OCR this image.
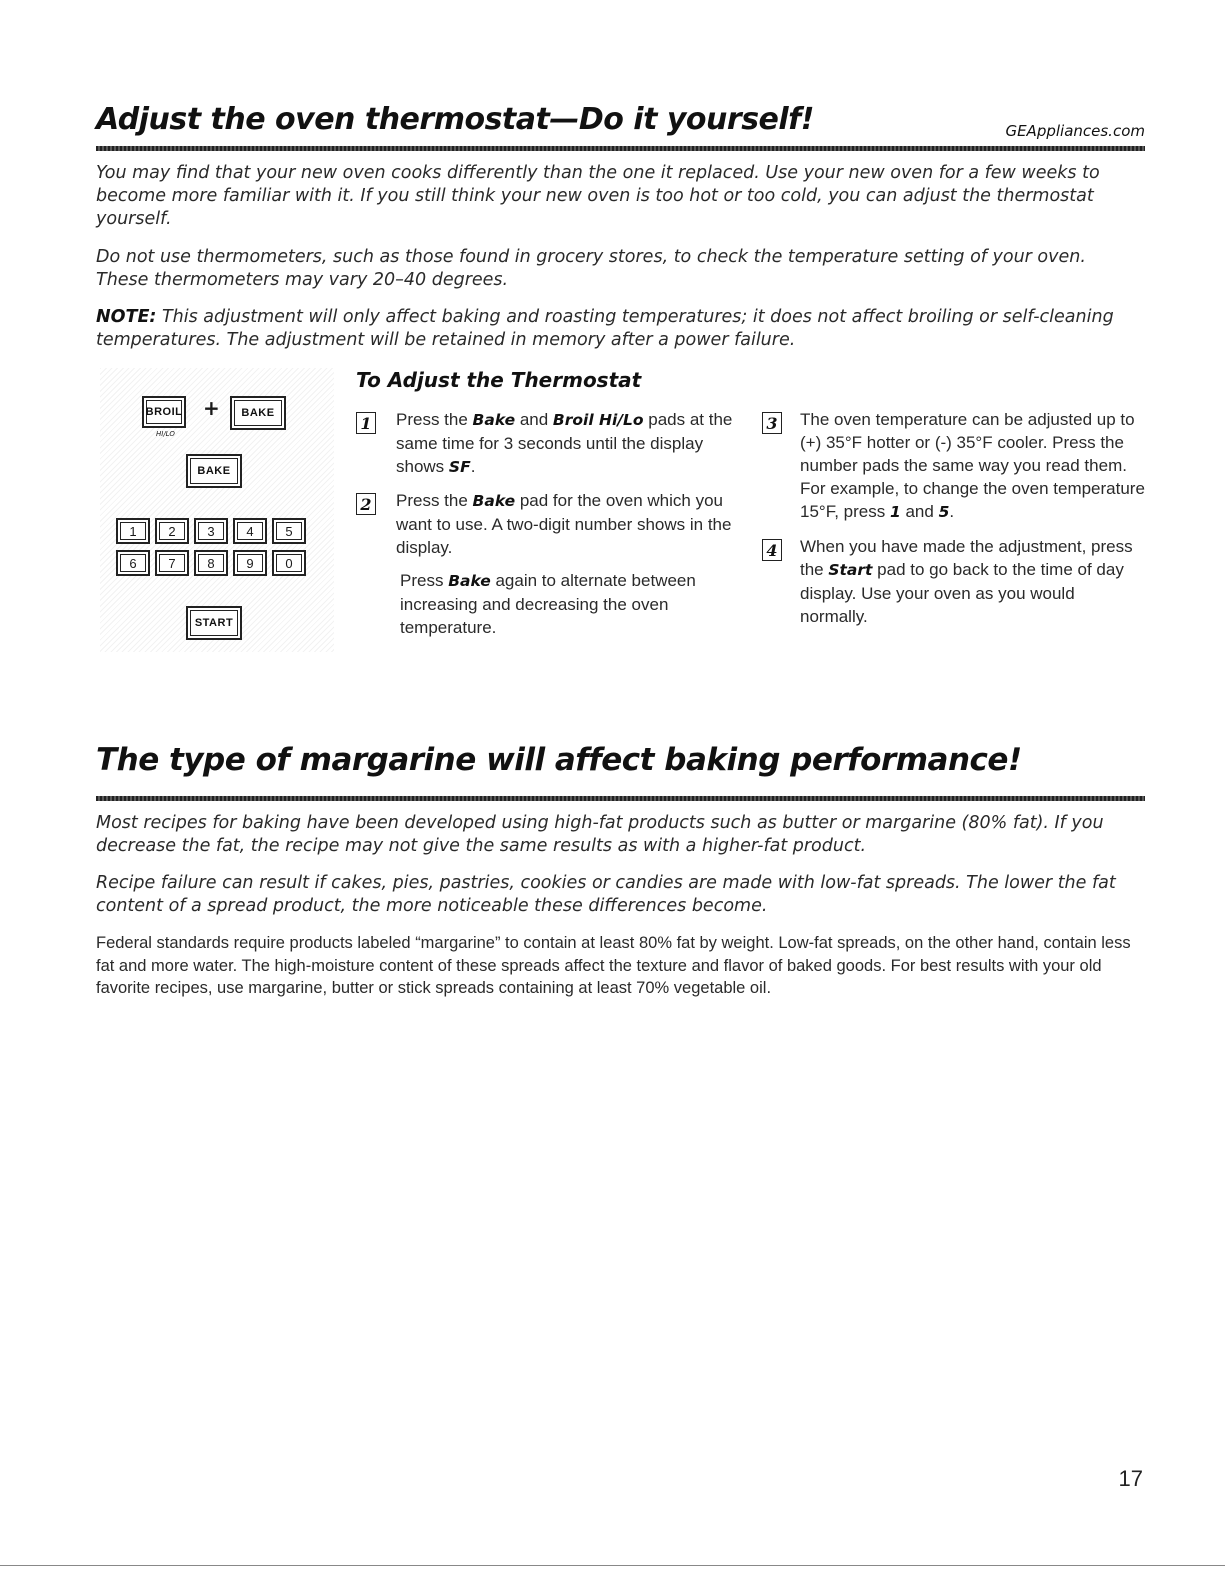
Adjust the oven thermostat—Do it yourself!	GEAppliances.com

You may find that your new oven cooks differently than the one it replaced. Use your new oven for a few weeks to become more familiar with it. If you still think your new oven is too hot or too cold, you can adjust the thermostat yourself.

Do not use thermometers, such as those found in grocery stores, to check the temperature setting of your oven. These thermometers may vary 20–40 degrees.

NOTE: This adjustment will only affect baking and roasting temperatures; it does not affect broiling or self-cleaning temperatures. The adjustment will be retained in memory after a power failure.

BROIL
HI/LO
+	BAKE
BAKE
1	2	3	4	5
6	7	8	9	0
START
To Adjust the Thermostat
1 Press the Bake and Broil Hi/Lo pads at the same time for 3 seconds until the display shows SF.

2 Press the Bake pad for the oven which you want to use. A two-digit number shows in the display.

Press Bake again to alternate between increasing and decreasing the oven temperature.

3 The oven temperature can be adjusted up to (+) 35°F hotter or (-) 35°F cooler. Press the number pads the same way you read them. For example, to change the oven temperature 15°F, press 1 and 5.

4 When you have made the adjustment, press the Start pad to go back to the time of day display. Use your oven as you would normally.

The type of margarine will affect baking performance!

Most recipes for baking have been developed using high-fat products such as butter or margarine (80% fat). If you decrease the fat, the recipe may not give the same results as with a higher-fat product.

Recipe failure can result if cakes, pies, pastries, cookies or candies are made with low-fat spreads. The lower the fat content of a spread product, the more noticeable these differences become.

Federal standards require products labeled “margarine” to contain at least 80% fat by weight. Low-fat spreads, on the other hand, contain less fat and more water. The high-moisture content of these spreads affect the texture and flavor of baked goods. For best results with your old favorite recipes, use margarine, butter or stick spreads containing at least 70% vegetable oil.

17
